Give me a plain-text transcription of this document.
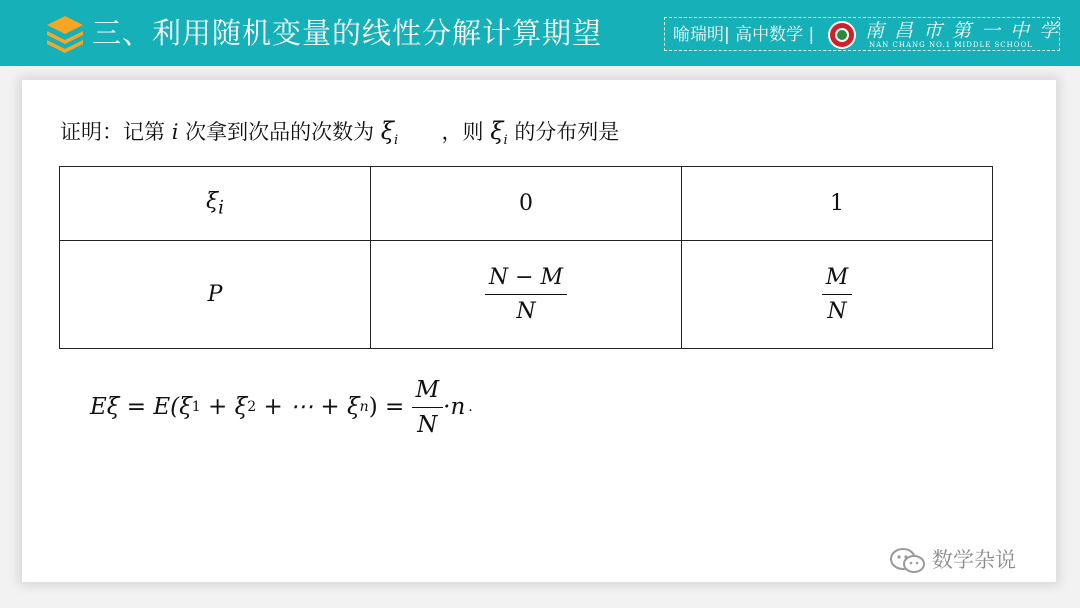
三、利用随机变量的线性分解计算期望	喻瑞明| 高中数学 |	南昌市第一中学
NAN CHANG NO.1 MIDDLE SCHOOL
证明：记第 i 次拿到次品的次数为 $\xi_i$ ，则 $\xi_i$ 的分布列是
$\xi_i$	0	1
P	$\frac{N - M}{N}$	$\frac{M}{N}$
Eξ = E(ξ 1 + ξ 2 + ⋯ + ξ n ) = $\frac{M}{N} \cdot n$ .
数学杂说
